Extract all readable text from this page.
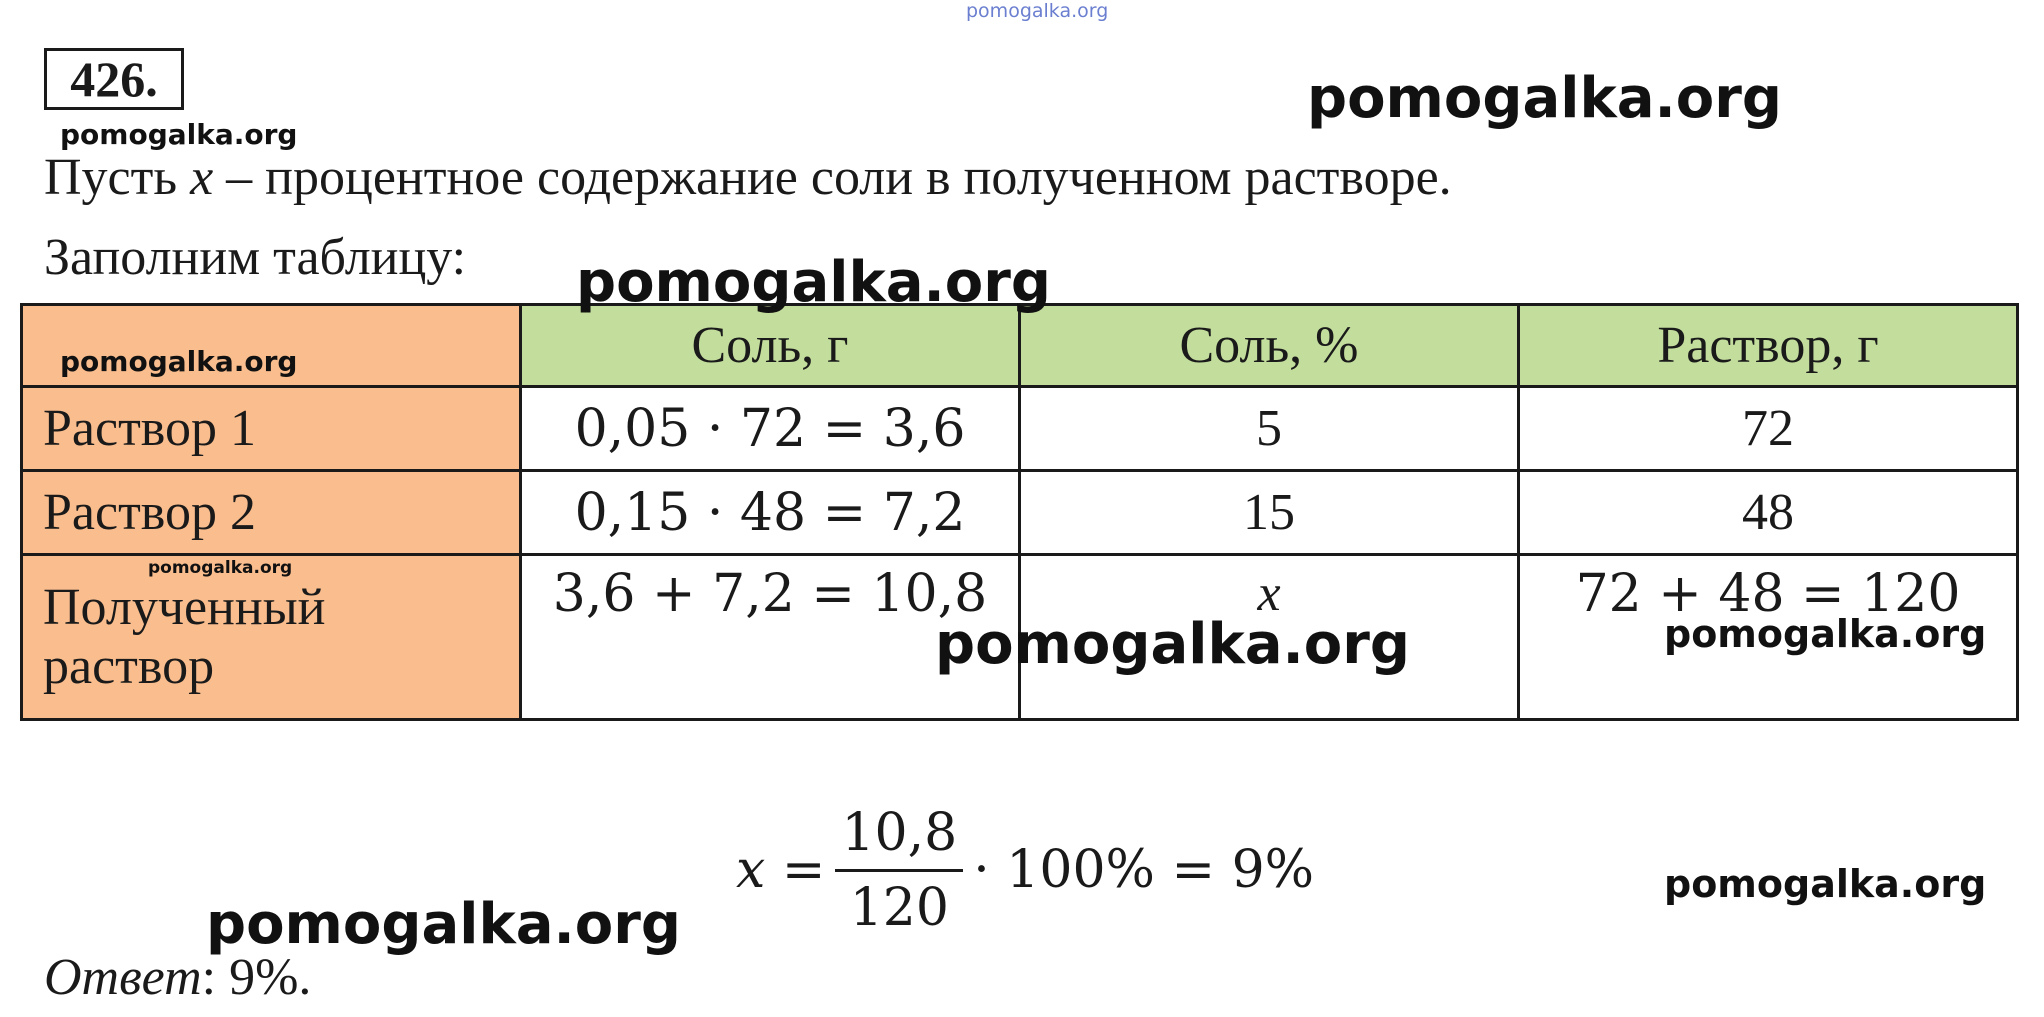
426.
Пусть x – процентное содержание соли в полученном растворе.
Заполним таблицу:
	Соль, г	Соль, %	Раствор, г
Раствор 1	0,05 · 72 = 3,6	5	72
Раствор 2	0,15 · 48 = 7,2	15	48
Полученный раствор	3,6 + 7,2 = 10,8	x	72 + 48 = 120
$x = \frac{10,8}{120} \cdot 100\% = 9\%$
Ответ: 9%.
pomogalka.org
pomogalka.org
pomogalka.org
pomogalka.org
pomogalka.org
pomogalka.org
pomogalka.org	pomogalka.org
pomogalka.org
pomogalka.org
